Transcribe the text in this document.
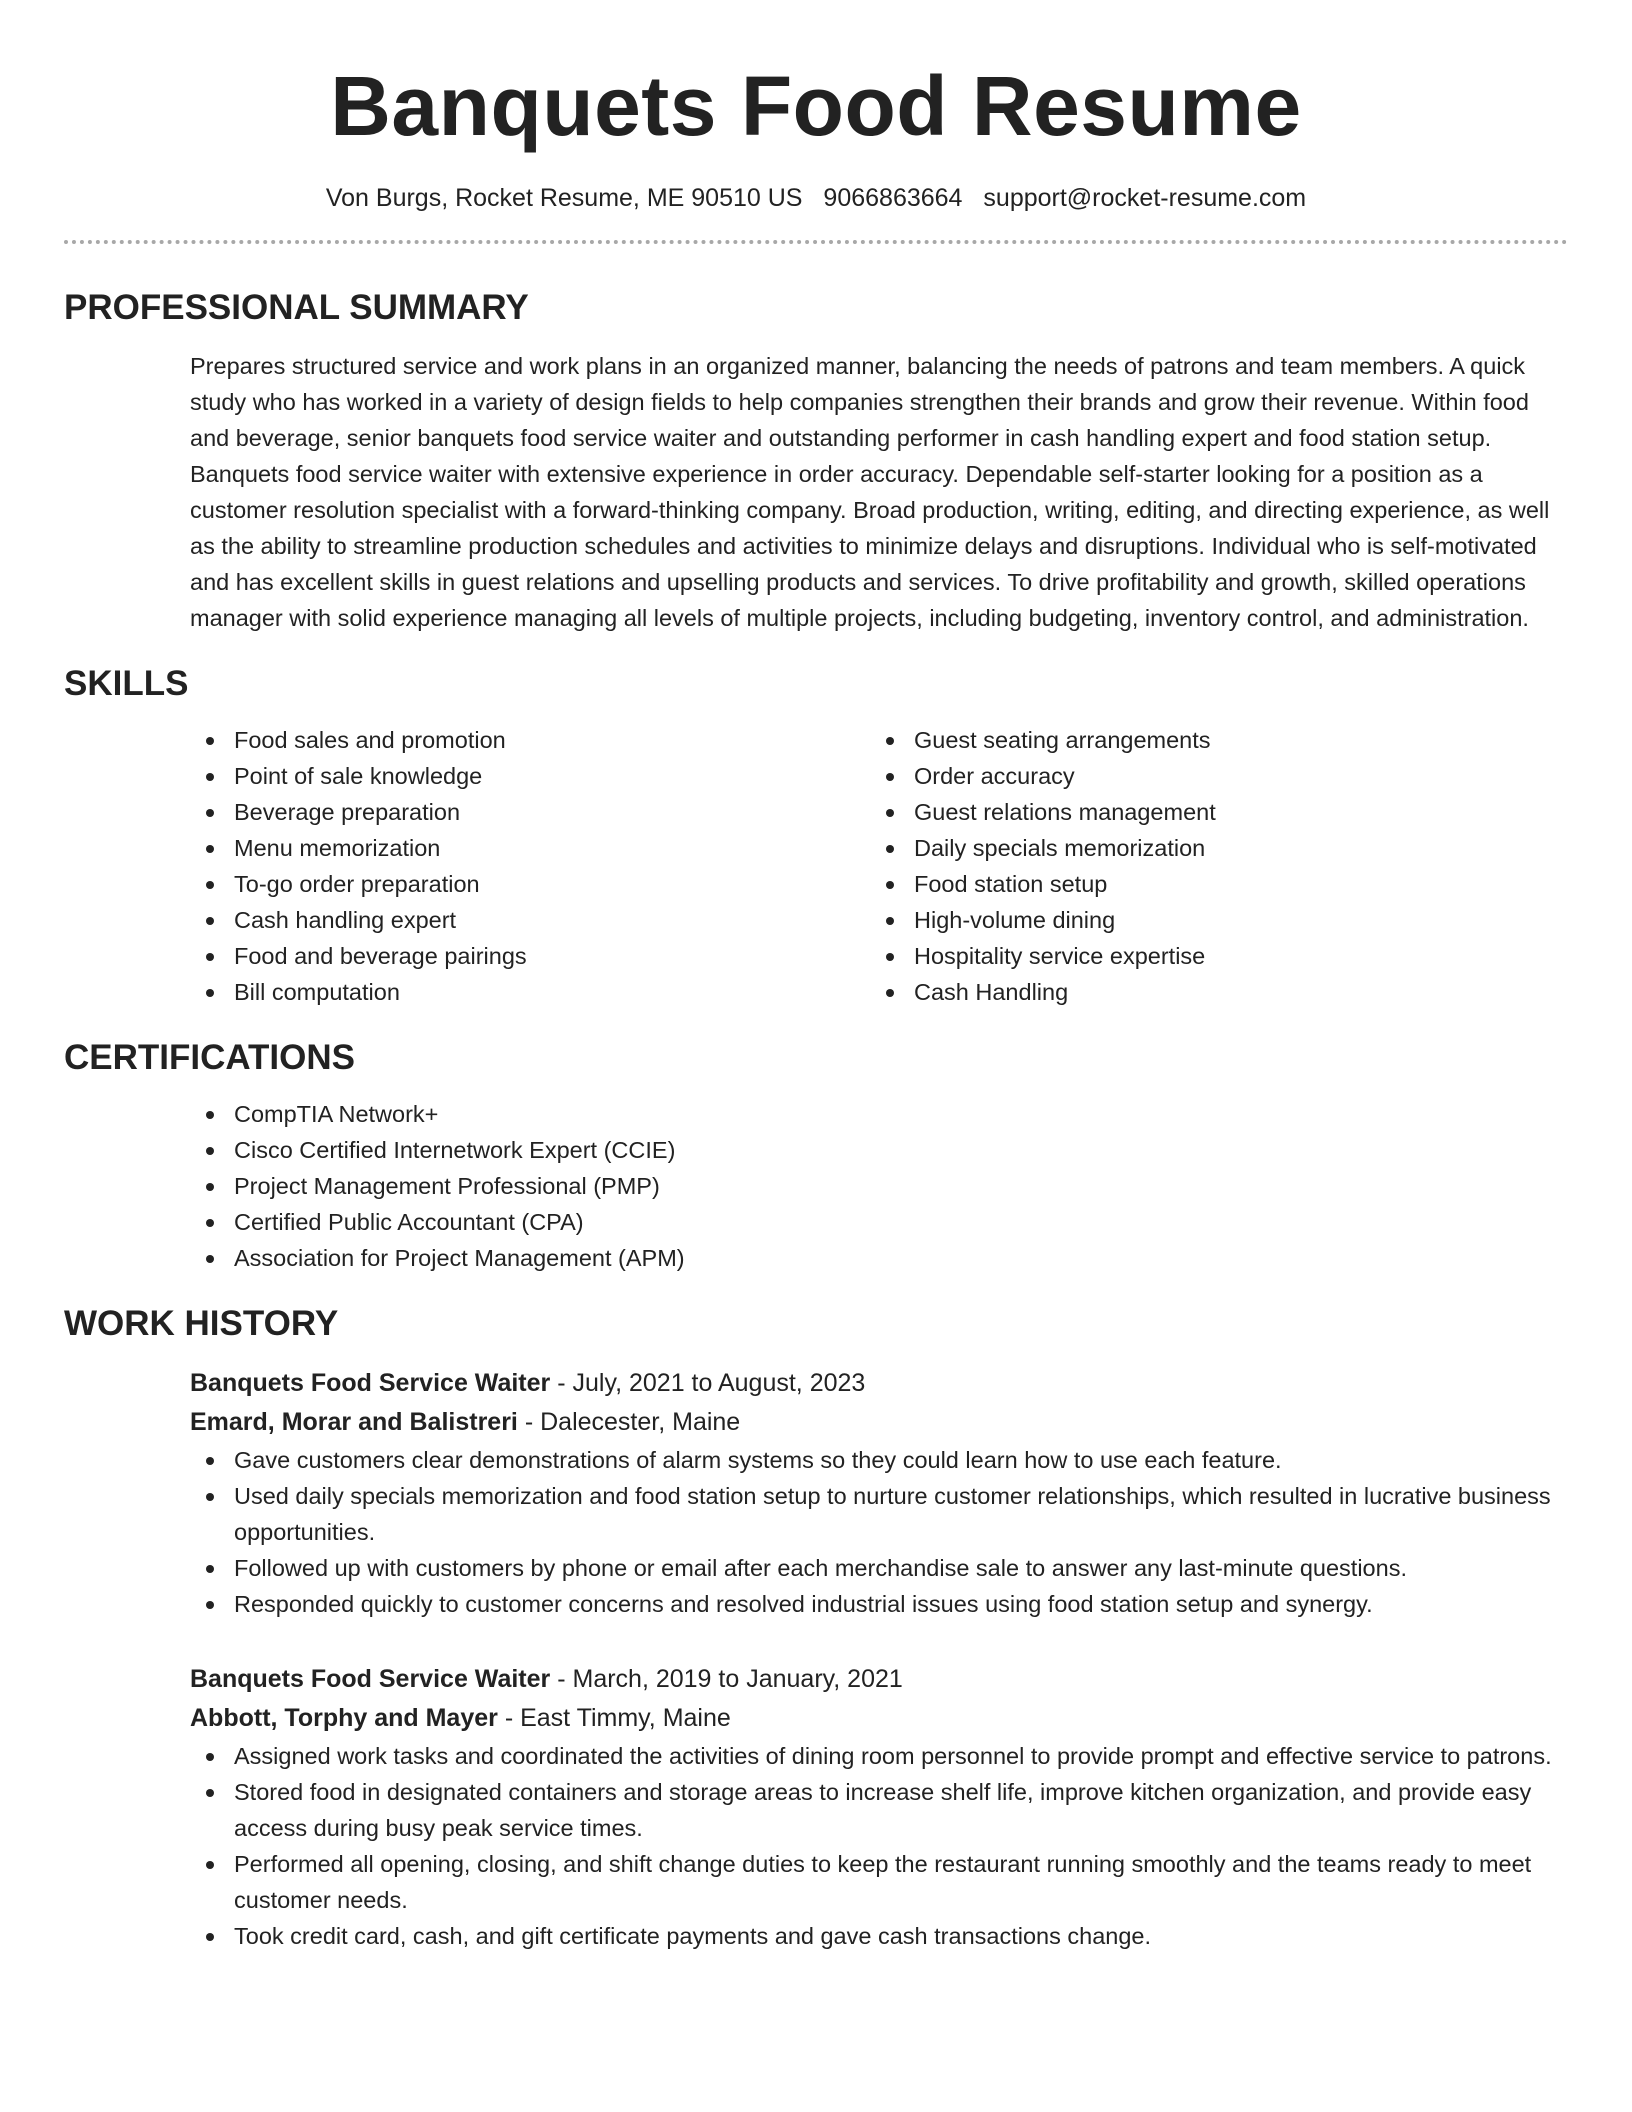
Banquets Food Resume
Von Burgs, Rocket Resume, ME 90510 US 9066863664 support@rocket-resume.com
PROFESSIONAL SUMMARY

Prepares structured service and work plans in an organized manner, balancing the needs of patrons and team members. A quick study who has worked in a variety of design fields to help companies strengthen their brands and grow their revenue. Within food and beverage, senior banquets food service waiter and outstanding performer in cash handling expert and food station setup. Banquets food service waiter with extensive experience in order accuracy. Dependable self-starter looking for a position as a customer resolution specialist with a forward-thinking company. Broad production, writing, editing, and directing experience, as well as the ability to streamline production schedules and activities to minimize delays and disruptions. Individual who is self-motivated and has excellent skills in guest relations and upselling products and services. To drive profitability and growth, skilled operations manager with solid experience managing all levels of multiple projects, including budgeting, inventory control, and administration.

SKILLS
Food sales and promotion
Point of sale knowledge
Beverage preparation
Menu memorization
To-go order preparation
Cash handling expert
Food and beverage pairings
Bill computation
Guest seating arrangements
Order accuracy
Guest relations management
Daily specials memorization
Food station setup
High-volume dining
Hospitality service expertise
Cash Handling
CERTIFICATIONS
CompTIA Network+
Cisco Certified Internetwork Expert (CCIE)
Project Management Professional (PMP)
Certified Public Accountant (CPA)
Association for Project Management (APM)
WORK HISTORY
Banquets Food Service Waiter - July, 2021 to August, 2023
Emard, Morar and Balistreri - Dalecester, Maine
Gave customers clear demonstrations of alarm systems so they could learn how to use each feature.
Used daily specials memorization and food station setup to nurture customer relationships, which resulted in lucrative business opportunities.
Followed up with customers by phone or email after each merchandise sale to answer any last-minute questions.
Responded quickly to customer concerns and resolved industrial issues using food station setup and synergy.
Banquets Food Service Waiter - March, 2019 to January, 2021
Abbott, Torphy and Mayer - East Timmy, Maine
Assigned work tasks and coordinated the activities of dining room personnel to provide prompt and effective service to patrons.
Stored food in designated containers and storage areas to increase shelf life, improve kitchen organization, and provide easy access during busy peak service times.
Performed all opening, closing, and shift change duties to keep the restaurant running smoothly and the teams ready to meet customer needs.
Took credit card, cash, and gift certificate payments and gave cash transactions change.
